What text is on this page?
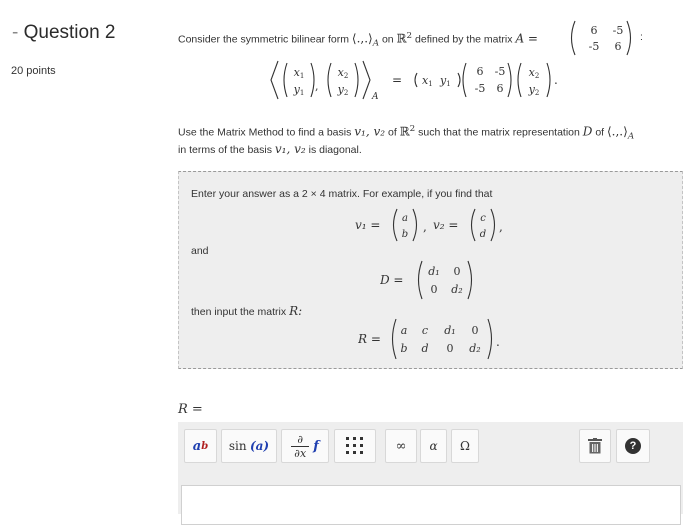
- Question 2
20 points
Consider the symmetric bilinear form $⟨.,.⟩_A$ on ℝ$^2$ defined by the matrix A =
6 -5
-5 6
:
x1
y1 ,
x2
y2	A
= x1 y1
6 -5
-5 6
x2
y2
.
Use the Matrix Method to find a basis v₁, v₂ of ℝ$^2$ such that the matrix representation D of $⟨.,.⟩_A$
in terms of the basis v₁, v₂ is diagonal.
Enter your answer as a 2 × 4 matrix. For example, if you find that
v₁ = a
b
, v₂ = c
d
,
and
D =
d₁ 0
0 d₂
then input the matrix R:
R =
a c d₁ 0
b d 0 d₂ .
R =
a b sin
(a)	∂
∂x f	∞ α Ω	?
